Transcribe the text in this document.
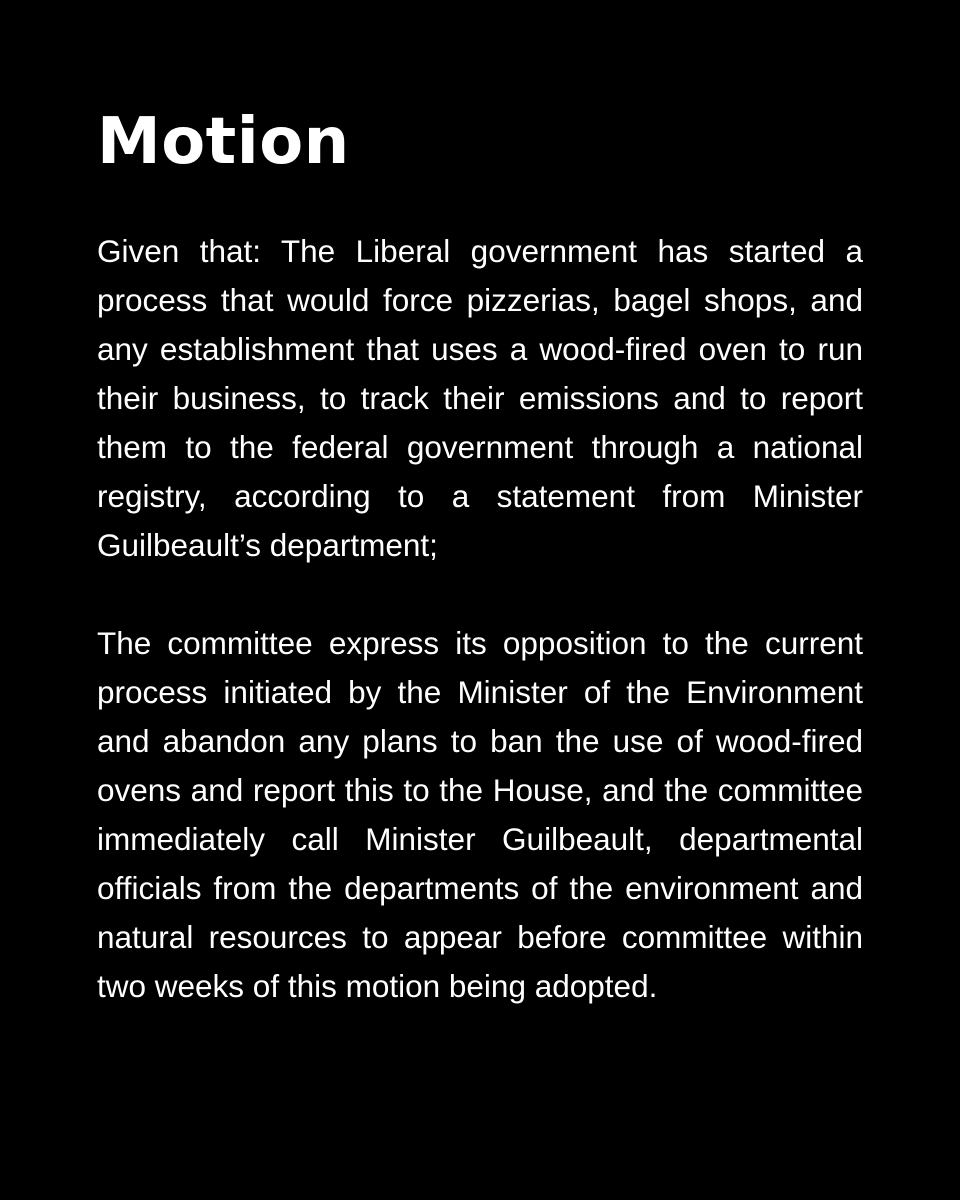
Motion

Given that: The Liberal government has started a process that would force pizzerias, bagel shops, and any establishment that uses a wood-fired oven to run their business, to track their emissions and to report them to the federal government through a national registry, according to a statement from Minister Guilbeault’s department;

The committee express its opposition to the current process initiated by the Minister of the Environment and abandon any plans to ban the use of wood-fired ovens and report this to the House, and the committee immediately call Minister Guilbeault, departmental officials from the departments of the environment and natural resources to appear before committee within two weeks of this motion being adopted.
